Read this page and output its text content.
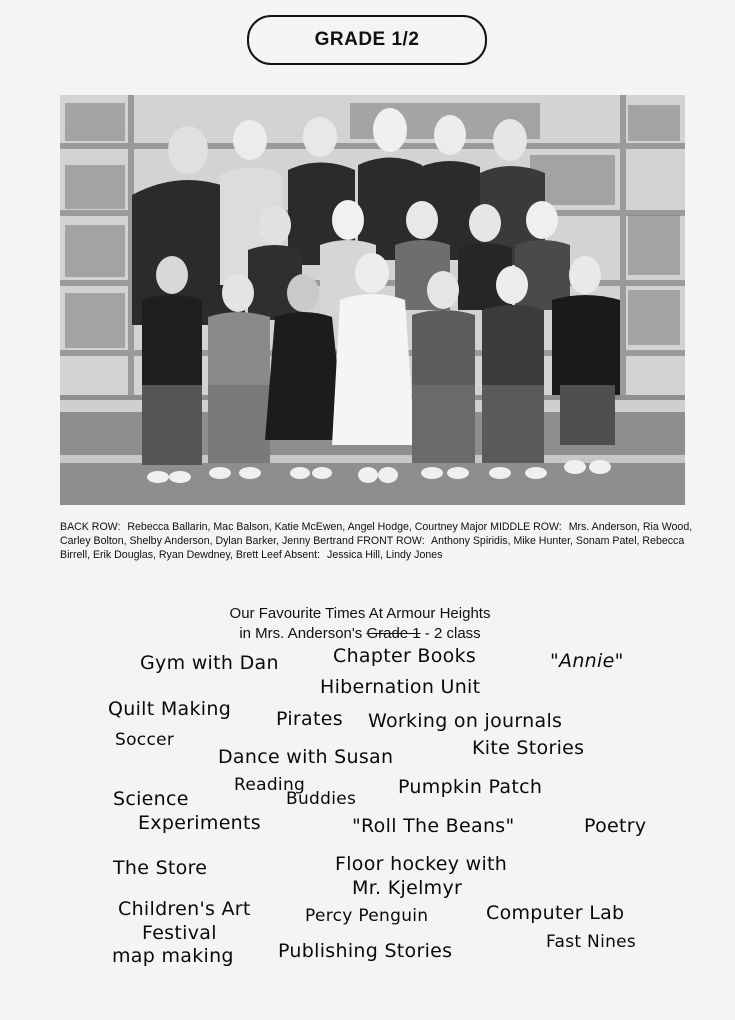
GRADE 1/2
BACK ROW: Rebecca Ballarin, Mac Balson, Katie McEwen, Angel Hodge, Courtney Major MIDDLE ROW: Mrs. Anderson, Ria Wood, Carley Bolton, Shelby Anderson, Dylan Barker, Jenny Bertrand FRONT ROW: Anthony Spiridis, Mike Hunter, Sonam Patel, Rebecca Birrell, Erik Douglas, Ryan Dewdney, Brett Leef Absent: Jessica Hill, Lindy Jones
Our Favourite Times At Armour Heights
in Mrs. Anderson's Grade 1 - 2 class
Gym with Dan	Chapter Books	"Annie"
Hibernation Unit
Quilt Making Pirates Working on journals
Soccer
Dance with Susan	Kite Stories
Reading
Buddies
Science
Pumpkin Patch
Experiments	"Roll The Beans"	Poetry
The Store	Floor hockey with
Mr. Kjelmyr
Children's Art	Percy Penguin	Computer Lab
Festival
map making Publishing Stories	Fast Nines
